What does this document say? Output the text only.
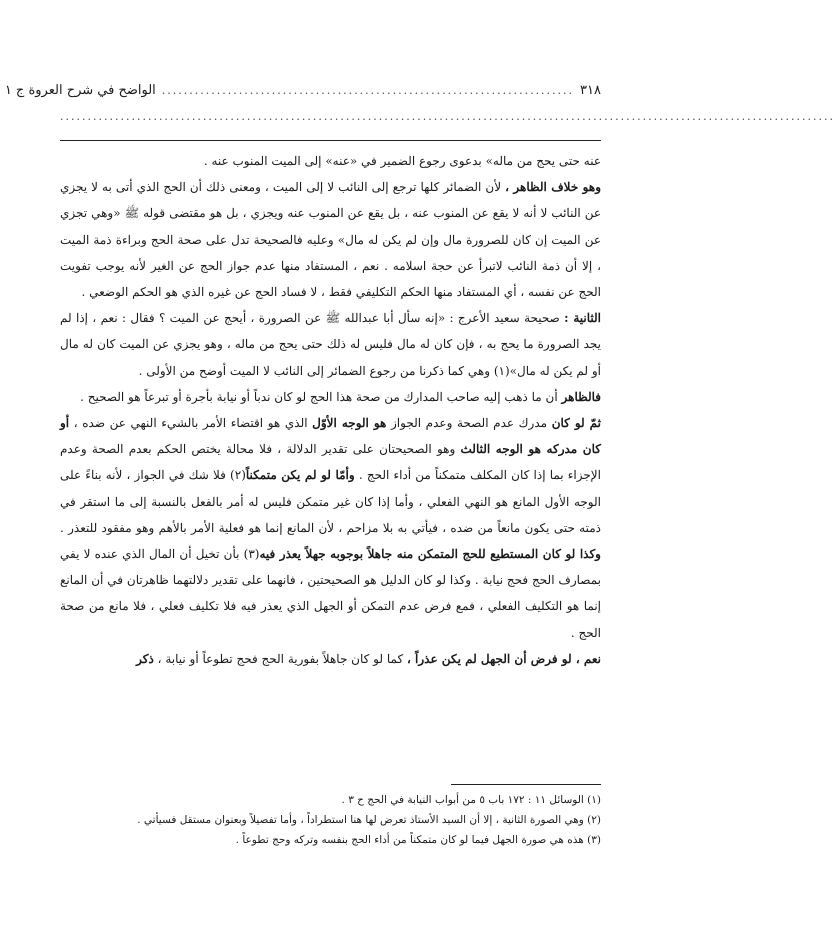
٣١٨
...........................................................................
الواضح في شرح العروة ج ١
.............................................................................................................................................

عنه حتى يحج من ماله» بدعوى رجوع الضمير في «عنه» إلى الميت المنوب عنه .

وهو خلاف الظاهر ، لأن الضمائر كلها ترجع إلى النائب لا إلى الميت ، ومعنى ذلك أن الحج الذي أتى به لا يجزي عن النائب لا أنه لا يقع عن المنوب عنه ، بل يقع عن المنوب عنه ويجزي ، بل هو مقتضى قوله ﷺ «وهي تجزي عن الميت إن كان للصرورة مال وإن لم يكن له مال» وعليه فالصحيحة تدل على صحة الحج وبراءة ذمة الميت ، إلا أن ذمة النائب لاتبرأ عن حجة اسلامه . نعم ، المستفاد منها عدم جواز الحج عن الغير لأنه يوجب تفويت الحج عن نفسه ، أي المستفاد منها الحكم التكليفي فقط ، لا فساد الحج عن غيره الذي هو الحكم الوضعي .

الثانية : صحيحة سعيد الأعرج : «إنه سأل أبا عبدالله ﷺ عن الصرورة ، أيحج عن الميت ؟ فقال : نعم ، إذا لم يجد الصرورة ما يحج به ، فإن كان له مال فليس له ذلك حتى يحج من ماله ، وهو يجزي عن الميت كان له مال أو لم يكن له مال»(١) وهي كما ذكرنا من رجوع الضمائر إلى النائب لا الميت أوضح من الأولى .

فالظاهر أن ما ذهب إليه صاحب المدارك من صحة هذا الحج لو كان ندباً أو نيابة بأجرة أو تبرعاً هو الصحيح .

ثمّ لو كان مدرك عدم الصحة وعدم الجواز هو الوجه الأوّل الذي هو اقتضاء الأمر بالشيء النهي عن ضده ، أو كان مدركه هو الوجه الثالث وهو الصحيحتان على تقدير الدلالة ، فلا محالة يختص الحكم بعدم الصحة وعدم الإجزاء بما إذا كان المكلف متمكناً من أداء الحج . وأمّا لو لم يكن متمكناً(٢) فلا شك في الجواز ، لأنه بناءً على الوجه الأول المانع هو النهي الفعلي ، وأما إذا كان غير متمكن فليس له أمر بالفعل بالنسبة إلى ما استقر في ذمته حتى يكون مانعاً من ضده ، فيأتي به بلا مزاحم ، لأن المانع إنما هو فعلية الأمر بالأهم وهو مفقود للتعذر . وكذا لو كان المستطيع للحج المتمكن منه جاهلاً بوجوبه جهلاً يعذر فيه(٣) بأن تخيل أن المال الذي عنده لا يفي بمصارف الحج فحج نيابة . وكذا لو كان الدليل هو الصحيحتين ، فانهما على تقدير دلالتهما ظاهرتان في أن المانع إنما هو التكليف الفعلي ، فمع فرض عدم التمكن أو الجهل الذي يعذر فيه فلا تكليف فعلي ، فلا مانع من صحة الحج .

نعم ، لو فرض أن الجهل لم يكن عذراً ، كما لو كان جاهلاً بفورية الحج فحج تطوعاً أو نيابة ، ذكر

(١) الوسائل ١١ : ١٧٢ باب ٥ من أبواب النيابة في الحج ح ٣ .

(٢) وهي الصورة الثانية ، إلا أن السيد الأستاذ تعرض لها هنا استطراداً ، وأما تفصيلاً وبعنوان مستقل فسيأتي .

(٣) هذه هي صورة الجهل فيما لو كان متمكناً من أداء الحج بنفسه وتركه وحج تطوعاً .
